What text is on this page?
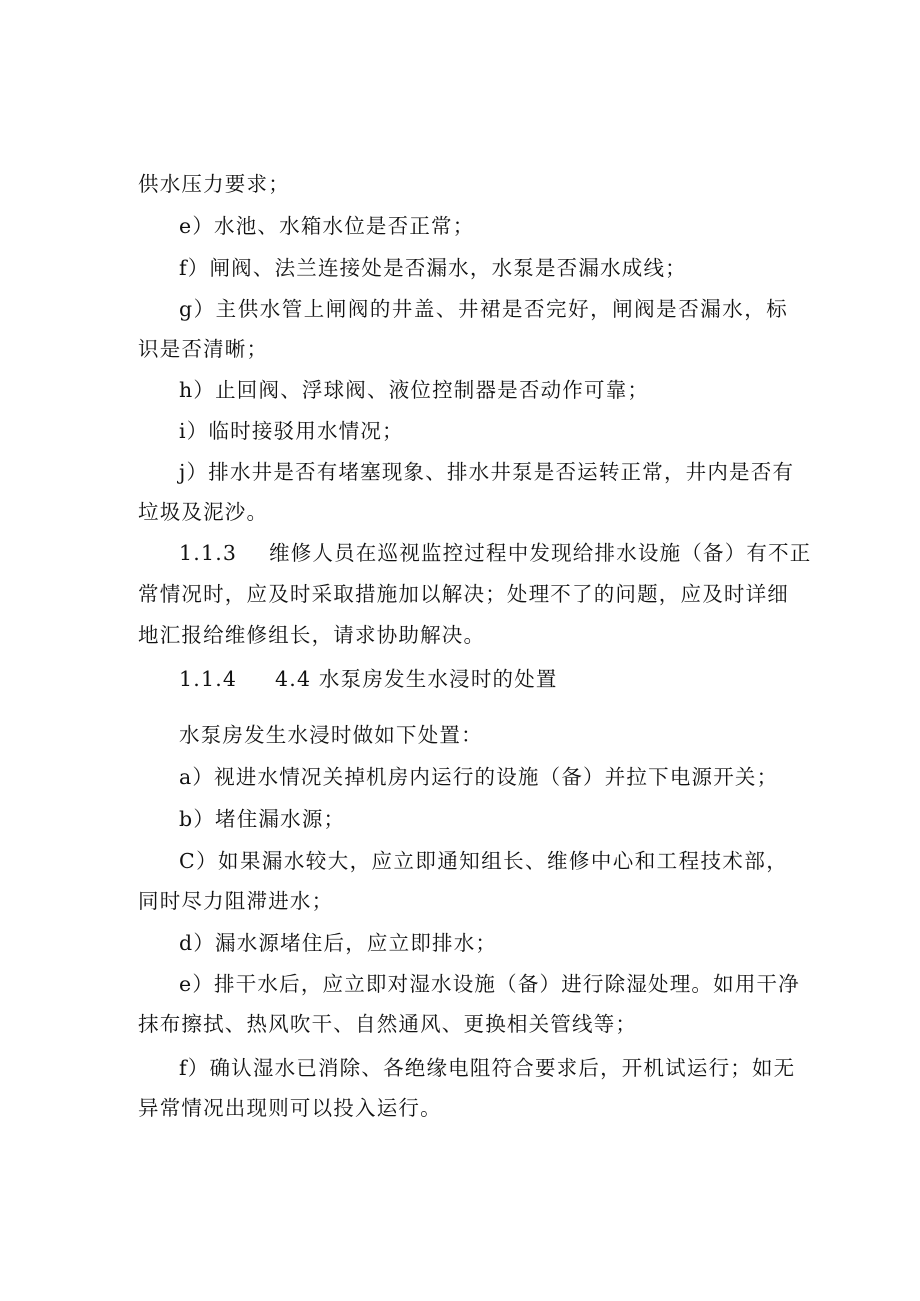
供水压力要求；
e）水池、水箱水位是否正常；
f）闸阀、法兰连接处是否漏水，水泵是否漏水成线；
g）主供水管上闸阀的井盖、井裙是否完好，闸阀是否漏水，标
识是否清晰；
h）止回阀、浮球阀、液位控制器是否动作可靠；
i）临时接驳用水情况；
j）排水井是否有堵塞现象、排水井泵是否运转正常，井内是否有
垃圾及泥沙。
1.1.3 维修人员在巡视监控过程中发现给排水设施（备）有不正
常情况时，应及时采取措施加以解决；处理不了的问题，应及时详细
地汇报给维修组长，请求协助解决。
1.1.4 4.4 水泵房发生水浸时的处置
水泵房发生水浸时做如下处置：
a）视进水情况关掉机房内运行的设施（备）并拉下电源开关；
b）堵住漏水源；
C）如果漏水较大，应立即通知组长、维修中心和工程技术部，
同时尽力阻滞进水；
d）漏水源堵住后，应立即排水；
e）排干水后，应立即对湿水设施（备）进行除湿处理。如用干净
抹布擦拭、热风吹干、自然通风、更换相关管线等；
f）确认湿水已消除、各绝缘电阻符合要求后，开机试运行；如无
异常情况出现则可以投入运行。
